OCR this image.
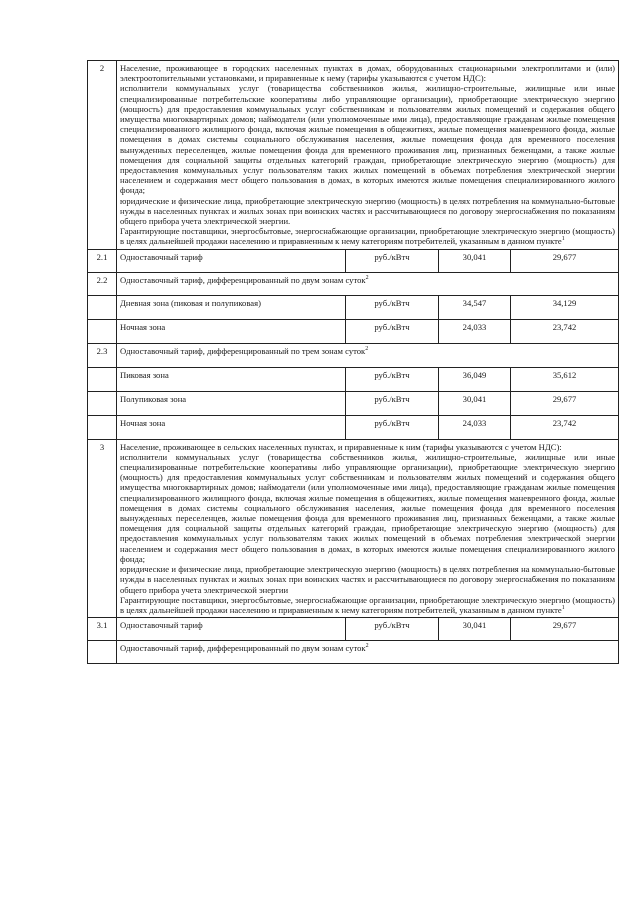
2	Население, проживающее в городских населенных пунктах в домах, оборудованных стационарными электроплитами и (или) электроотопительными установками, и приравненные к нему (тарифы указываются с учетом НДС):
исполнители коммунальных услуг (товарищества собственников жилья, жилищно-строительные, жилищные или иные специализированные потребительские кооперативы либо управляющие организации), приобретающие электрическую энергию (мощность) для предоставления коммунальных услуг собственникам и пользователям жилых помещений и содержания общего имущества многоквартирных домов; наймодатели (или уполномоченные ими лица), предоставляющие гражданам жилые помещения специализированного жилищного фонда, включая жилые помещения в общежитиях, жилые помещения маневренного фонда, жилые помещения в домах системы социального обслуживания населения, жилые помещения фонда для временного поселения вынужденных переселенцев, жилые помещения фонда для временного проживания лиц, признанных беженцами, а также жилые помещения для социальной защиты отдельных категорий граждан, приобретающие электрическую энергию (мощность) для предоставления коммунальных услуг пользователям таких жилых помещений в объемах потребления электрической энергии населением и содержания мест общего пользования в домах, в которых имеются жилые помещения специализированного жилого фонда;
юридические и физические лица, приобретающие электрическую энергию (мощность) в целях потребления на коммунально-бытовые нужды в населенных пунктах и жилых зонах при воинских частях и рассчитывающиеся по договору энергоснабжения по показаниям общего прибора учета электрической энергии.
Гарантирующие поставщики, энергосбытовые, энергоснабжающие организации, приобретающие электрическую энергию (мощность) в целях дальнейшей продажи населению и приравненным к нему категориям потребителей, указанным в данном пункте$^1$

2.1	Одноставочный тариф	руб./кВтч	30,041	29,677
2.2	Одноставочный тариф, дифференцированный по двум зонам суток$^2$
	Дневная зона (пиковая и полупиковая)	руб./кВтч	34,547	34,129
	Ночная зона	руб./кВтч	24,033	23,742
2.3	Одноставочный тариф, дифференцированный по трем зонам суток$^2$
	Пиковая зона	руб./кВтч	36,049	35,612
	Полупиковая зона	руб./кВтч	30,041	29,677
	Ночная зона	руб./кВтч	24,033	23,742
3	Население, проживающее в сельских населенных пунктах, и приравненные к ним (тарифы указываются с учетом НДС):
исполнители коммунальных услуг (товарищества собственников жилья, жилищно-строительные, жилищные или иные специализированные потребительские кооперативы либо управляющие организации), приобретающие электрическую энергию (мощность) для предоставления коммунальных услуг собственникам и пользователям жилых помещений и содержания общего имущества многоквартирных домов; наймодатели (или уполномоченные ими лица), предоставляющие гражданам жилые помещения специализированного жилищного фонда, включая жилые помещения в общежитиях, жилые помещения маневренного фонда, жилые помещения в домах системы социального обслуживания населения, жилые помещения фонда для временного поселения вынужденных переселенцев, жилые помещения фонда для временного проживания лиц, признанных беженцами, а также жилые помещения для социальной защиты отдельных категорий граждан, приобретающие электрическую энергию (мощность) для предоставления коммунальных услуг пользователям таких жилых помещений в объемах потребления электрической энергии населением и содержания мест общего пользования в домах, в которых имеются жилые помещения специализированного жилого фонда;
юридические и физические лица, приобретающие электрическую энергию (мощность) в целях потребления на коммунально-бытовые нужды в населенных пунктах и жилых зонах при воинских частях и рассчитывающиеся по договору энергоснабжения по показаниям общего прибора учета электрической энергии
Гарантирующие поставщики, энергосбытовые, энергоснабжающие организации, приобретающие электрическую энергию (мощность) в целях дальнейшей продажи населению и приравненным к нему категориям потребителей, указанным в данном пункте$^1$

3.1	Одноставочный тариф	руб./кВтч	30,041	29,677
	Одноставочный тариф, дифференцированный по двум зонам суток$^2$
